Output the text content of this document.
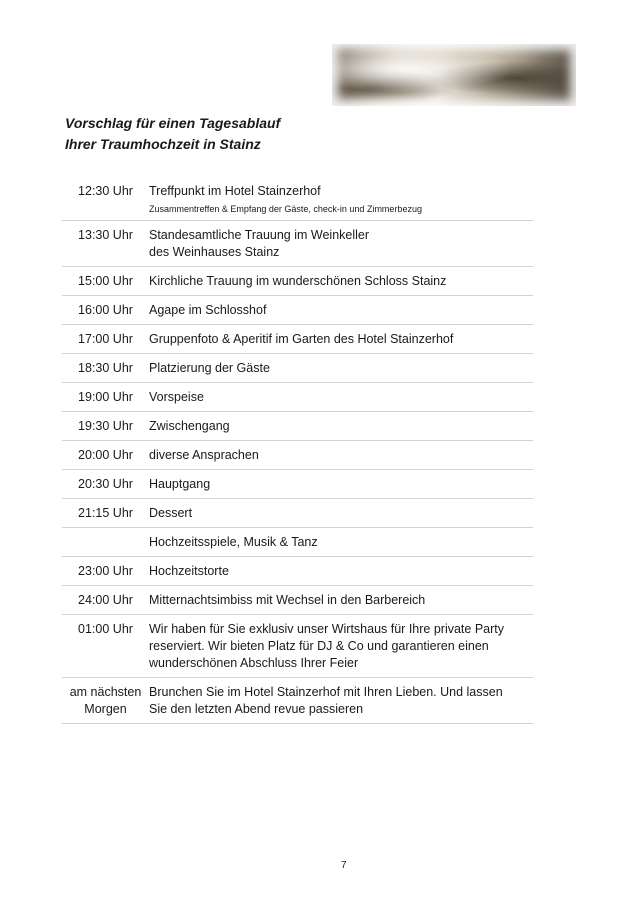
Vorschlag für einen Tagesablauf
Ihrer Traumhochzeit in Stainz
12:30 Uhr	Treffpunkt im Hotel Stainzerhof
Zusammentreffen & Empfang der Gäste, check-in und Zimmerbezug

13:30 Uhr	Standesamtliche Trauung im Weinkeller
des Weinhauses Stainz
15:00 Uhr	Kirchliche Trauung im wunderschönen Schloss Stainz
16:00 Uhr	Agape im Schlosshof
17:00 Uhr	Gruppenfoto & Aperitif im Garten des Hotel Stainzerhof
18:30 Uhr	Platzierung der Gäste
19:00 Uhr	Vorspeise
19:30 Uhr	Zwischengang
20:00 Uhr	diverse Ansprachen
20:30 Uhr	Hauptgang
21:15 Uhr	Dessert
	Hochzeitsspiele, Musik & Tanz
23:00 Uhr	Hochzeitstorte
24:00 Uhr	Mitternachtsimbiss mit Wechsel in den Barbereich
01:00 Uhr	Wir haben für Sie exklusiv unser Wirtshaus für Ihre private Party
reserviert. Wir bieten Platz für DJ & Co und garantieren einen
wunderschönen Abschluss Ihrer Feier
am nächsten
Morgen	Brunchen Sie im Hotel Stainzerhof mit Ihren Lieben. Und lassen
Sie den letzten Abend revue passieren
7
